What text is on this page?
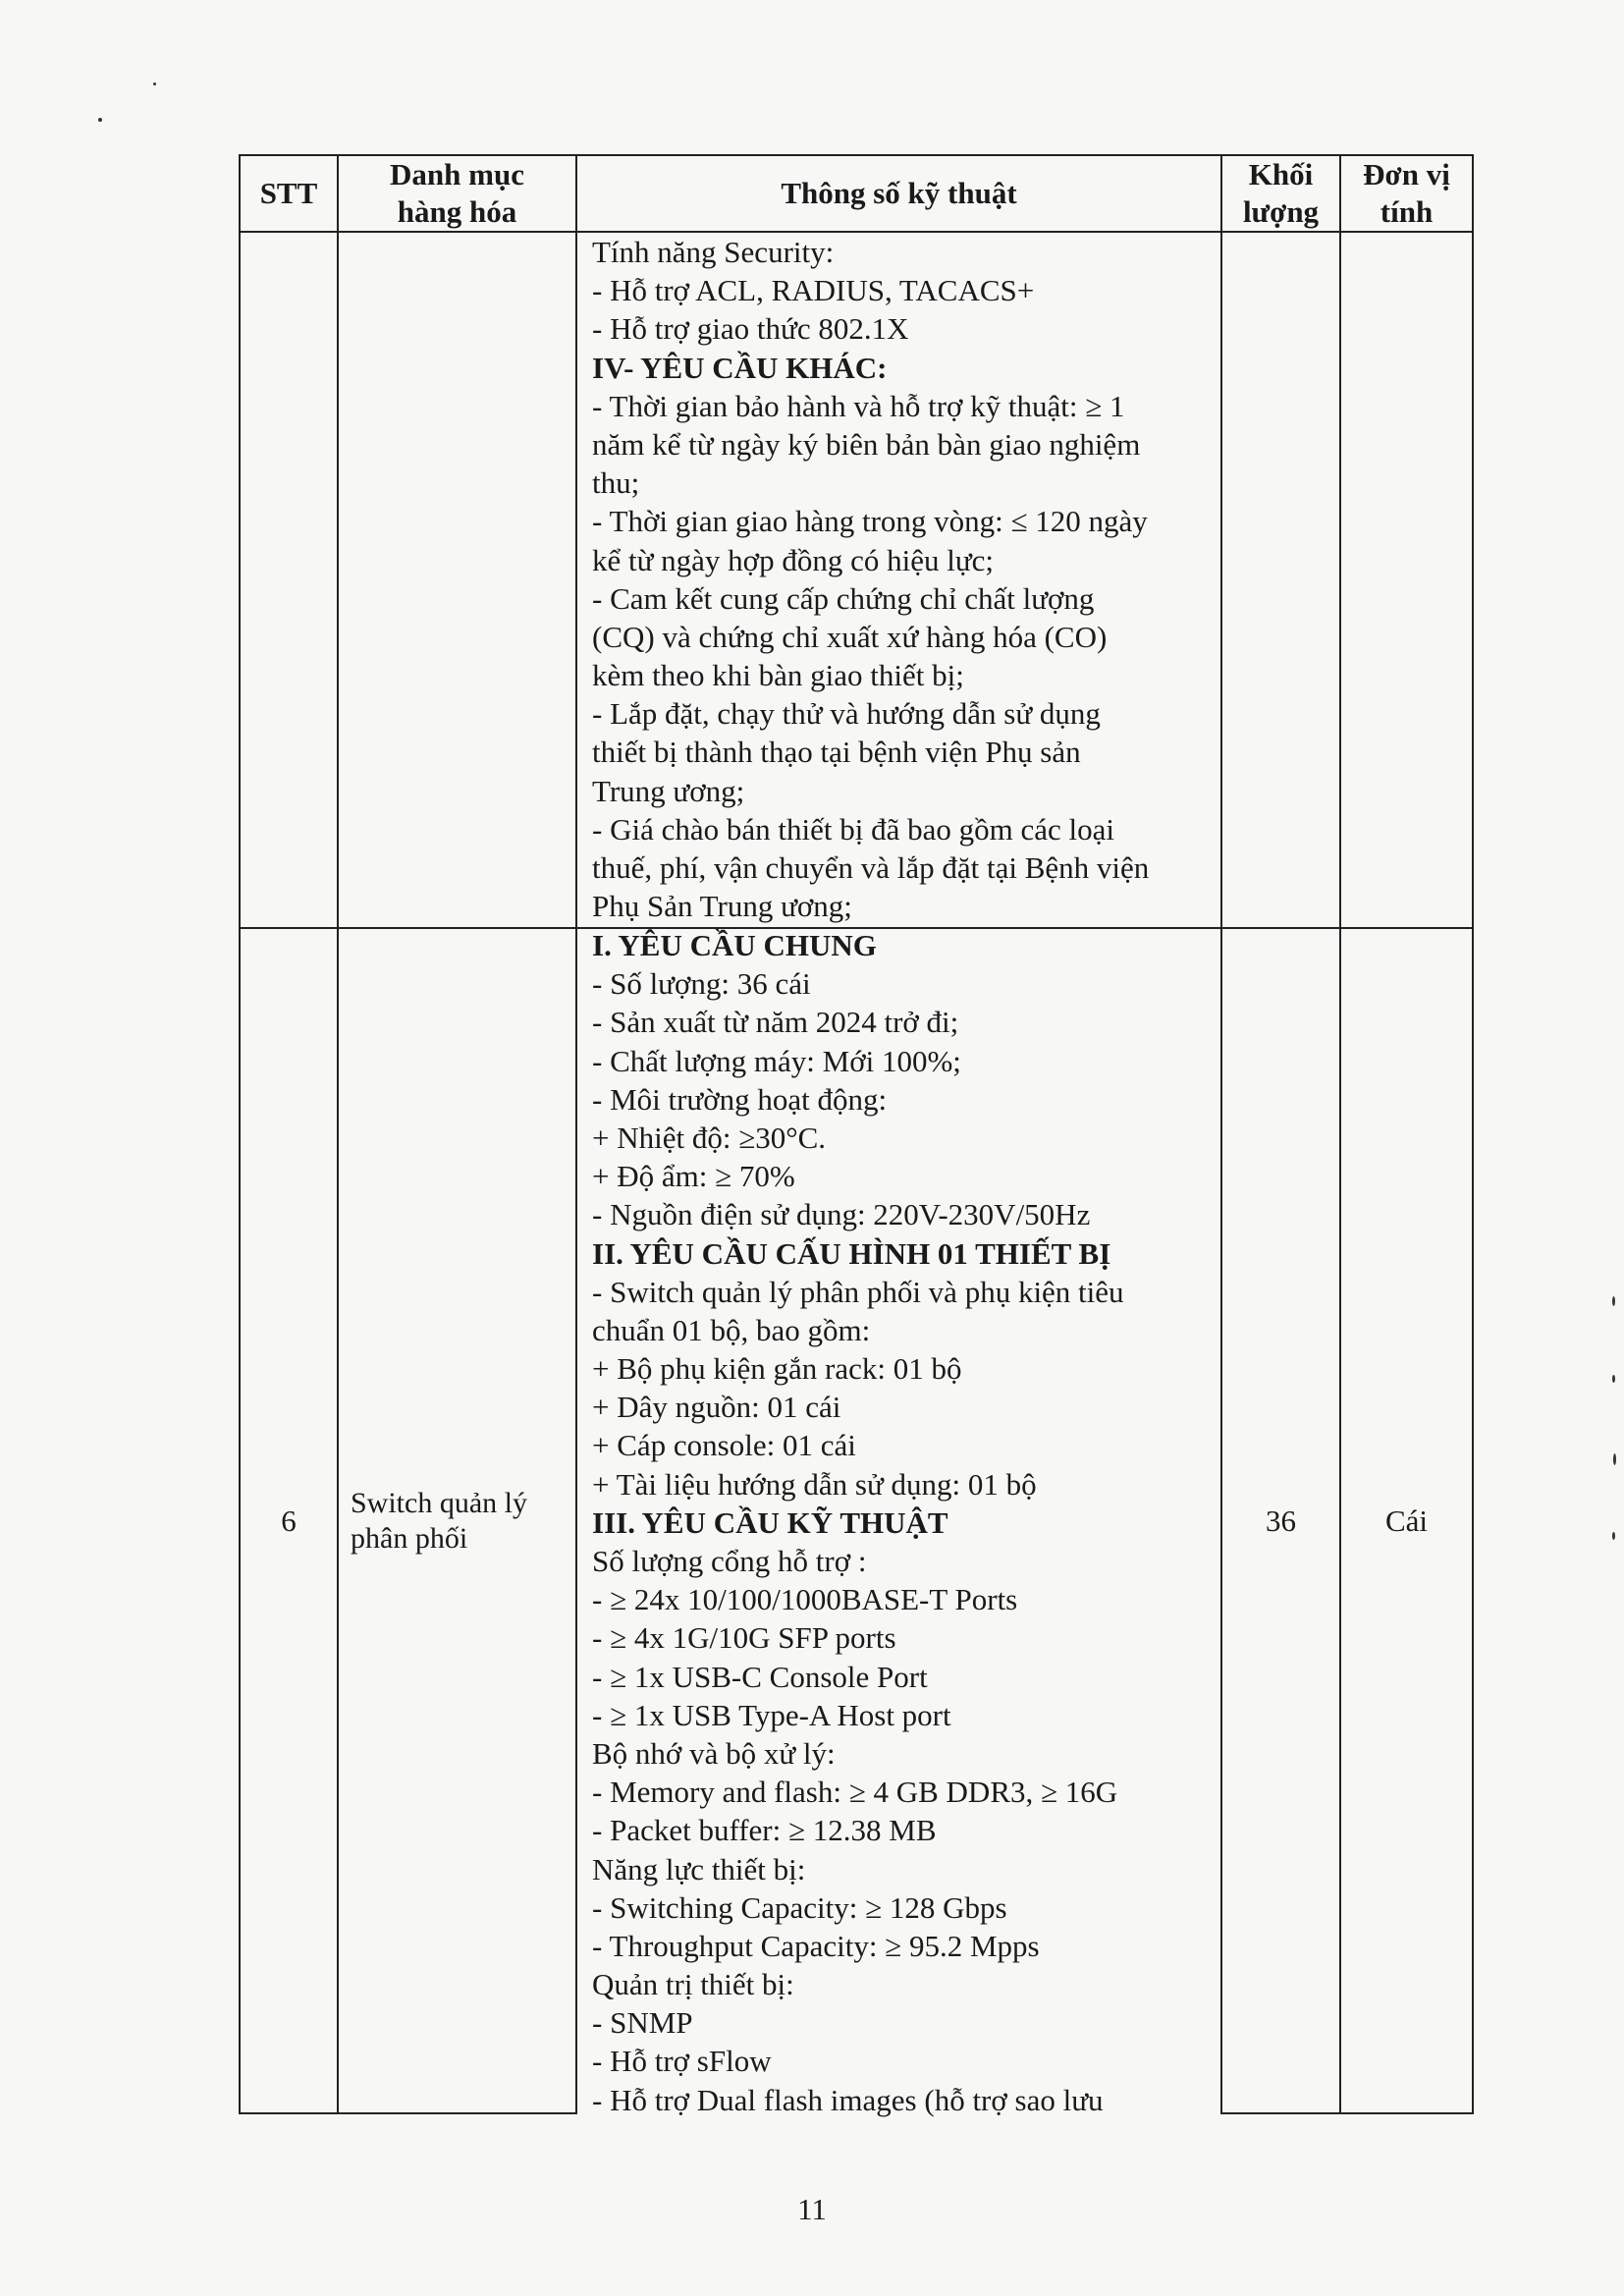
STT
Danh mục
hàng hóa
Thông số kỹ thuật
Khối
lượng
Đơn vị
tính
Tính năng Security:
- Hỗ trợ ACL, RADIUS, TACACS+
- Hỗ trợ giao thức 802.1X
IV- YÊU CẦU KHÁC:
- Thời gian bảo hành và hỗ trợ kỹ thuật: ≥ 1
năm kể từ ngày ký biên bản bàn giao nghiệm
thu;
- Thời gian giao hàng trong vòng: ≤ 120 ngày
kể từ ngày hợp đồng có hiệu lực;
- Cam kết cung cấp chứng chỉ chất lượng
(CQ) và chứng chỉ xuất xứ hàng hóa (CO)
kèm theo khi bàn giao thiết bị;
- Lắp đặt, chạy thử và hướng dẫn sử dụng
thiết bị thành thạo tại bệnh viện Phụ sản
Trung ương;
- Giá chào bán thiết bị đã bao gồm các loại
thuế, phí, vận chuyển và lắp đặt tại Bệnh viện
Phụ Sản Trung ương;
6
Switch quản lý
phân phối
I. YÊU CẦU CHUNG
- Số lượng: 36 cái
- Sản xuất từ năm 2024 trở đi;
- Chất lượng máy: Mới 100%;
- Môi trường hoạt động:
+ Nhiệt độ: ≥30°C.
+ Độ ẩm: ≥ 70%
- Nguồn điện sử dụng: 220V-230V/50Hz
II. YÊU CẦU CẤU HÌNH 01 THIẾT BỊ
- Switch quản lý phân phối và phụ kiện tiêu
chuẩn 01 bộ, bao gồm:
+ Bộ phụ kiện gắn rack: 01 bộ
+ Dây nguồn: 01 cái
+ Cáp console: 01 cái
+ Tài liệu hướng dẫn sử dụng: 01 bộ
III. YÊU CẦU KỸ THUẬT
Số lượng cổng hỗ trợ :
- ≥ 24x 10/100/1000BASE-T Ports
- ≥ 4x 1G/10G SFP ports
- ≥ 1x USB-C Console Port
- ≥ 1x USB Type-A Host port
Bộ nhớ và bộ xử lý:
- Memory and flash: ≥ 4 GB DDR3, ≥ 16G
- Packet buffer: ≥ 12.38 MB
Năng lực thiết bị:
- Switching Capacity: ≥ 128 Gbps
- Throughput Capacity: ≥ 95.2 Mpps
Quản trị thiết bị:
- SNMP
- Hỗ trợ sFlow
- Hỗ trợ Dual flash images (hỗ trợ sao lưu
36	Cái
11
